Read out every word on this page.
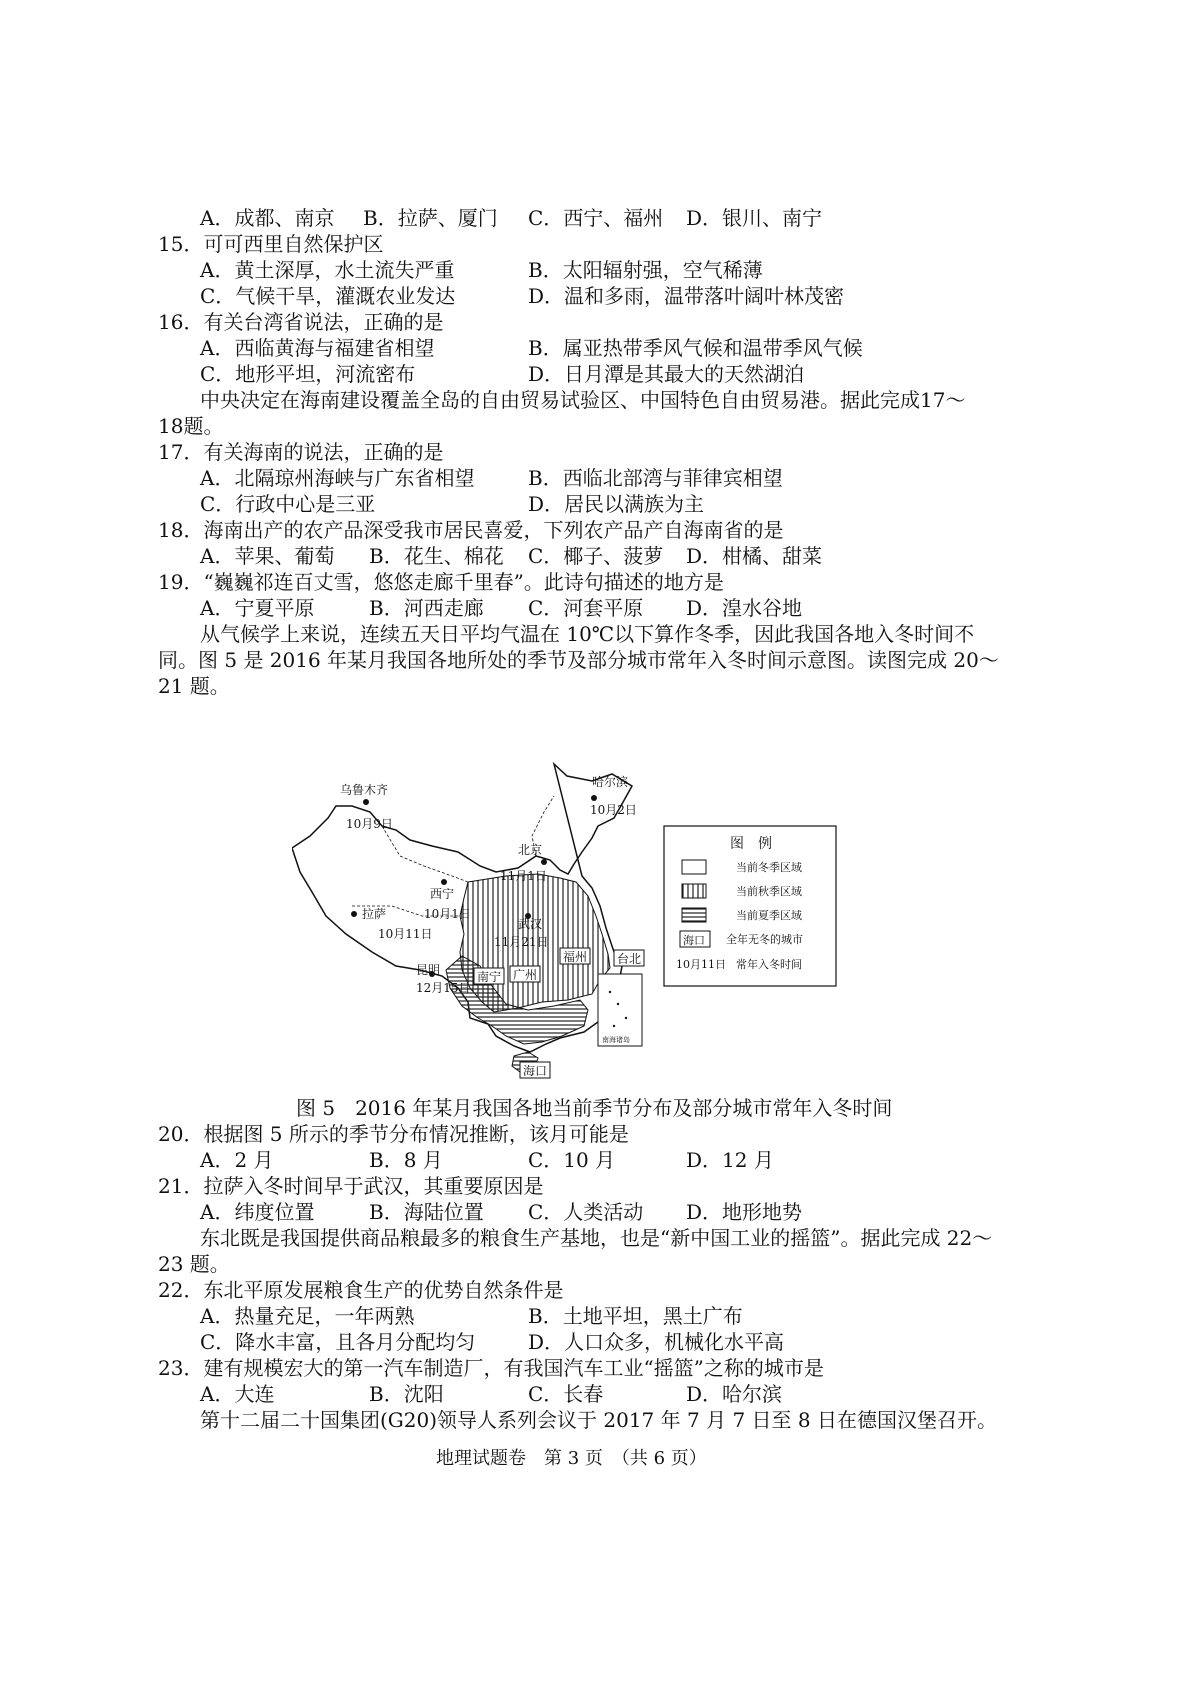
A．成都、南京 B．拉萨、厦门 C．西宁、福州 D．银川、南宁
15．可可西里自然保护区
A．黄土深厚，水土流失严重	B．太阳辐射强，空气稀薄
C．气候干旱，灌溉农业发达	D．温和多雨，温带落叶阔叶林茂密
16．有关台湾省说法，正确的是
A．西临黄海与福建省相望	B．属亚热带季风气候和温带季风气候
C．地形平坦，河流密布	D．日月潭是其最大的天然湖泊
中央决定在海南建设覆盖全岛的自由贸易试验区、中国特色自由贸易港。据此完成17～
18题。
17．有关海南的说法，正确的是
A．北隔琼州海峡与广东省相望	B．西临北部湾与菲律宾相望
C．行政中心是三亚	D．居民以满族为主
18．海南出产的农产品深受我市居民喜爱，下列农产品产自海南省的是
A．苹果、葡萄 B．花生、棉花 C．椰子、菠萝 D．柑橘、甜菜
19．“巍巍祁连百丈雪，悠悠走廊千里春”。此诗句描述的地方是
A．宁夏平原	B．河西走廊 C．河套平原 D．湟水谷地
从气候学上来说，连续五天日平均气温在 10℃以下算作冬季，因此我国各地入冬时间不
同。图 5 是 2016 年某月我国各地所处的季节及部分城市常年入冬时间示意图。读图完成 20～
21 题。
乌鲁木齐
10月9日
哈尔滨
10月2日
北京
11月1日
西宁
10月1日
拉萨
10月11日
武汉
11月21日
昆明
12月15日
南宁 广州
福州 台北
海口
南海诸岛
图　例
当前冬季区域
当前秋季区域
当前夏季区域
海口 全年无冬的城市
10月11日 常年入冬时间
图 5　2016 年某月我国各地当前季节分布及部分城市常年入冬时间
20．根据图 5 所示的季节分布情况推断，该月可能是
A．2 月	B．8 月	C．10 月	D．12 月
21．拉萨入冬时间早于武汉，其重要原因是
A．纬度位置	B．海陆位置 C．人类活动 D．地形地势
东北既是我国提供商品粮最多的粮食生产基地，也是“新中国工业的摇篮”。据此完成 22～
23 题。
22．东北平原发展粮食生产的优势自然条件是
A．热量充足，一年两熟	B．土地平坦，黑土广布
C．降水丰富，且各月分配均匀	D．人口众多，机械化水平高
23．建有规模宏大的第一汽车制造厂，有我国汽车工业“摇篮”之称的城市是
A．大连	B．沈阳	C．长春	D．哈尔滨
第十二届二十国集团(G20)领导人系列会议于 2017 年 7 月 7 日至 8 日在德国汉堡召开。
地理试题卷　第 3 页　（共 6 页）
